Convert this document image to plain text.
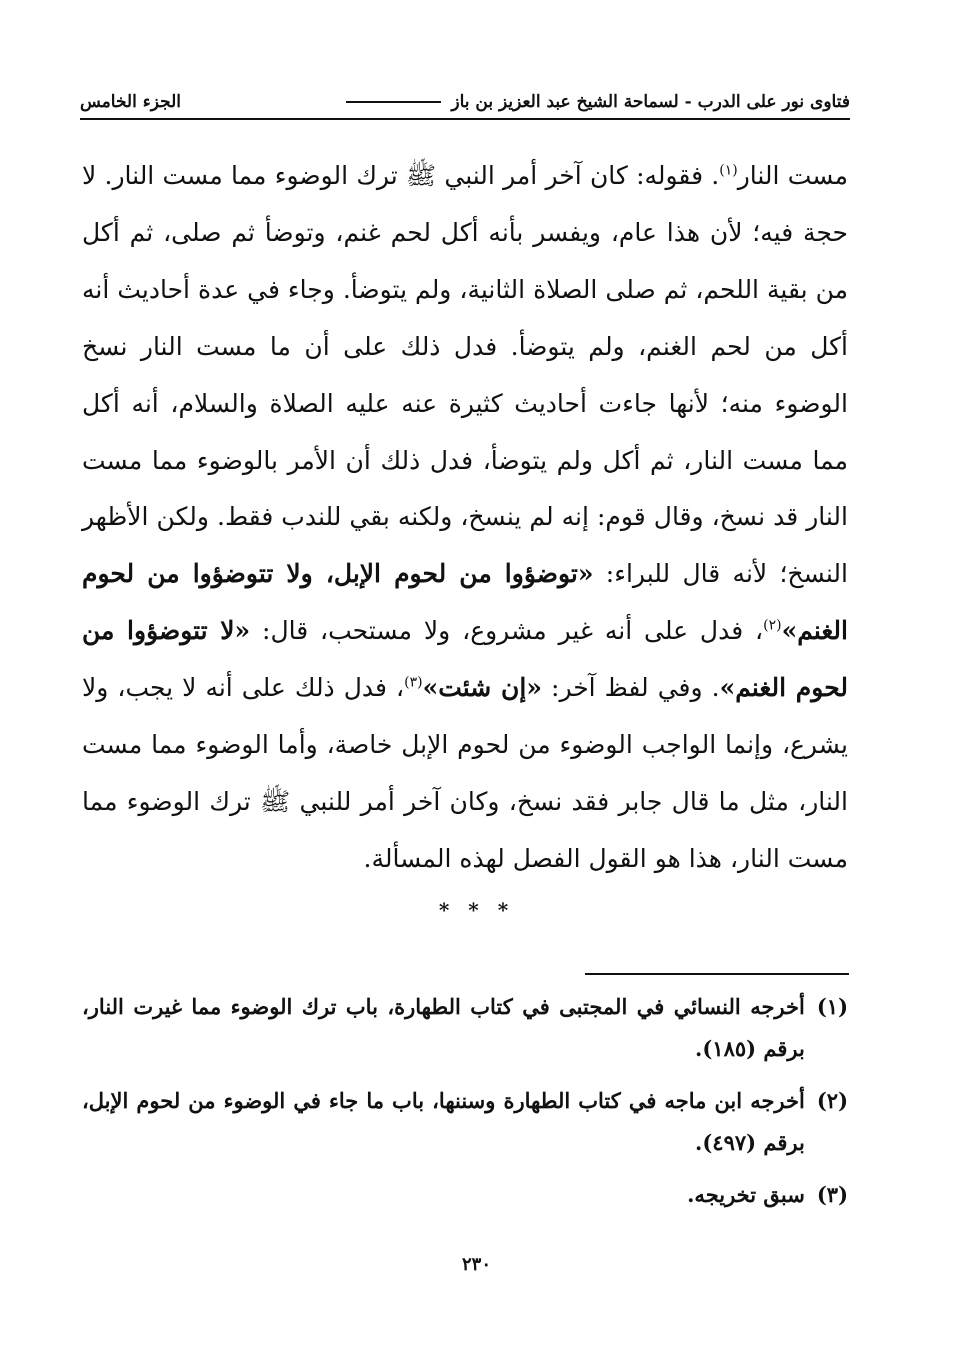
فتاوى نور على الدرب - لسماحة الشيخ عبد العزيز بن باز
الجزء الخامس
مست النار$^{(١)}$. فقوله: كان آخر أمر النبي ﷺ ترك الوضوء مما مست النار. لا حجة فيه؛ لأن هذا عام، ويفسر بأنه أكل لحم غنم، وتوضأ ثم صلى، ثم أكل من بقية اللحم، ثم صلى الصلاة الثانية، ولم يتوضأ. وجاء في عدة أحاديث أنه أكل من لحم الغنم، ولم يتوضأ. فدل ذلك على أن ما مست النار نسخ الوضوء منه؛ لأنها جاءت أحاديث كثيرة عنه عليه الصلاة والسلام، أنه أكل مما مست النار، ثم أكل ولم يتوضأ، فدل ذلك أن الأمر بالوضوء مما مست النار قد نسخ، وقال قوم: إنه لم ينسخ، ولكنه بقي للندب فقط. ولكن الأظهر النسخ؛ لأنه قال للبراء: «توضؤوا من لحوم الإبل، ولا تتوضؤوا من لحوم الغنم»$^{(٢)}$، فدل على أنه غير مشروع، ولا مستحب، قال: «لا تتوضؤوا من لحوم الغنم». وفي لفظ آخر: «إن شئت»$^{(٣)}$، فدل ذلك على أنه لا يجب، ولا يشرع، وإنما الواجب الوضوء من لحوم الإبل خاصة، وأما الوضوء مما مست النار، مثل ما قال جابر فقد نسخ، وكان آخر أمر للنبي ﷺ ترك الوضوء مما مست النار، هذا هو القول الفصل لهذه المسألة.
* * *
(١)
أخرجه النسائي في المجتبى في كتاب الطهارة، باب ترك الوضوء مما غيرت النار، برقم (١٨٥).
(٢)
أخرجه ابن ماجه في كتاب الطهارة وسننها، باب ما جاء في الوضوء من لحوم الإبل، برقم (٤٩٧).
(٣)
سبق تخريجه.
٢٣٠
